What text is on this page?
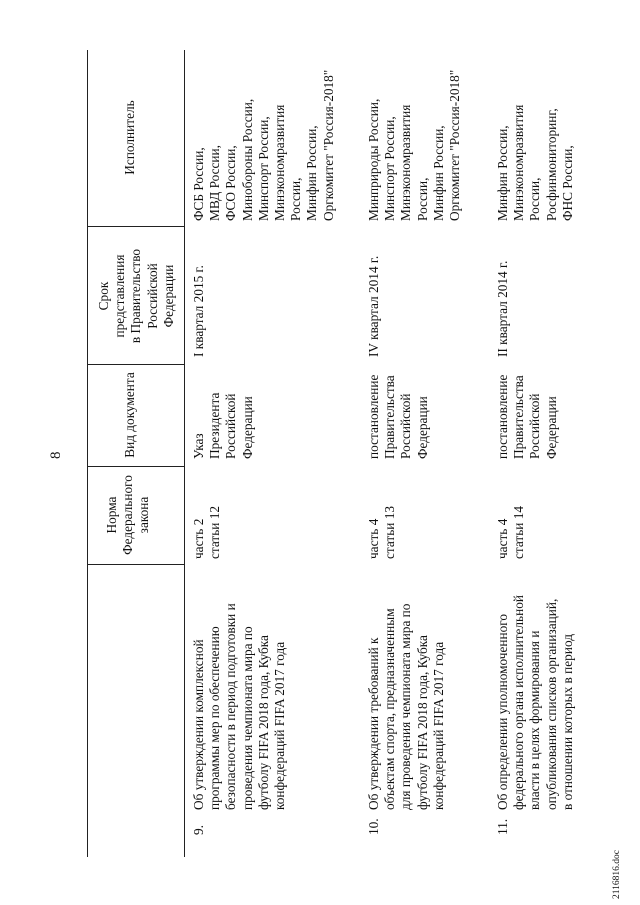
8
Норма
Федерального
закона
Вид документа
Срок
представления
в Правительство
Российской
Федерации
Исполнитель
9.
Об утверждении комплексной
программы мер по обеспечению
безопасности в период подготовки и
проведения чемпионата мира по
футболу FIFA 2018 года, Кубка
конфедераций FIFA 2017 года
часть 2
статьи 12
Указ
Президента
Российской
Федерации
I квартал 2015 г.
ФСБ России,
МВД России,
ФСО России,
Минобороны России,
Минспорт России,
Минэкономразвития
России,
Минфин России,
Оргкомитет "Россия-2018"
10.
Об утверждении требований к
объектам спорта, предназначенным
для проведения чемпионата мира по
футболу FIFA 2018 года, Кубка
конфедераций FIFA 2017 года
часть 4
статьи 13
постановление
Правительства
Российской
Федерации
IV квартал 2014 г.
Минприроды России,
Минспорт России,
Минэкономразвития
России,
Минфин России,
Оргкомитет "Россия-2018"
11.
Об определении уполномоченного
федерального органа исполнительной
власти в целях формирования и
опубликования списков организаций,
в отношении которых в период
часть 4
статьи 14
постановление
Правительства
Российской
Федерации
II квартал 2014 г.
Минфин России,
Минэкономразвития
России,
Росфинмониторинг,
ФНС России,
2116816.doc
